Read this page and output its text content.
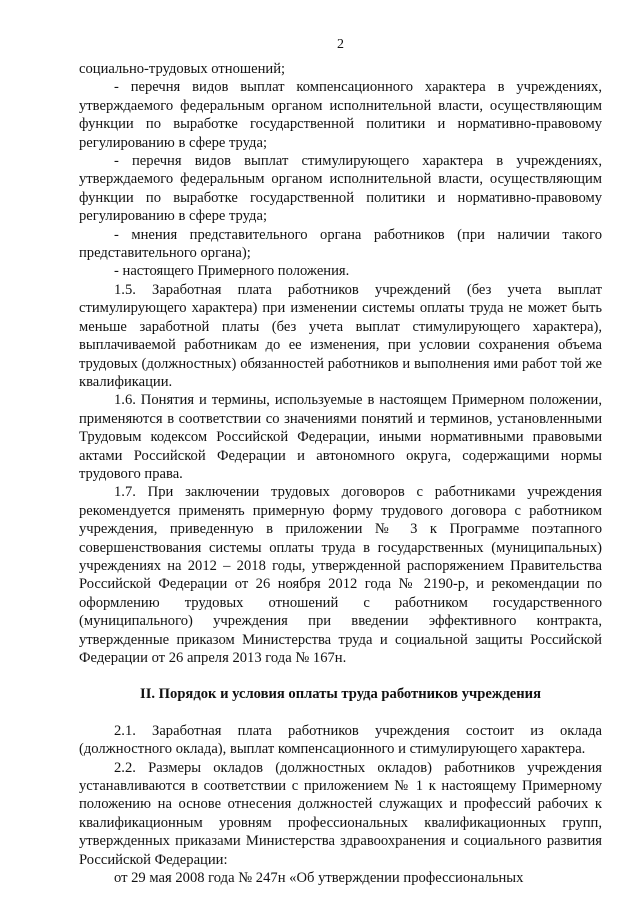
2

социально-трудовых отношений;

- перечня видов выплат компенсационного характера в учреждениях, утверждаемого федеральным органом исполнительной власти, осуществляющим функции по выработке государственной политики и нормативно-правовому регулированию в сфере труда;

- перечня видов выплат стимулирующего характера в учреждениях, утверждаемого федеральным органом исполнительной власти, осуществляющим функции по выработке государственной политики и нормативно-правовому регулированию в сфере труда;

- мнения представительного органа работников (при наличии такого представительного органа);

- настоящего Примерного положения.

1.5. Заработная плата работников учреждений (без учета выплат стимулирующего характера) при изменении системы оплаты труда не может быть меньше заработной платы (без учета выплат стимулирующего характера), выплачиваемой работникам до ее изменения, при условии сохранения объема трудовых (должностных) обязанностей работников и выполнения ими работ той же квалификации.

1.6. Понятия и термины, используемые в настоящем Примерном положении, применяются в соответствии со значениями понятий и терминов, установленными Трудовым кодексом Российской Федерации, иными нормативными правовыми актами Российской Федерации и автономного округа, содержащими нормы трудового права.

1.7. При заключении трудовых договоров с работниками учреждения рекомендуется применять примерную форму трудового договора с работником учреждения, приведенную в приложении № 3 к Программе поэтапного совершенствования системы оплаты труда в государственных (муниципальных) учреждениях на 2012 – 2018 годы, утвержденной распоряжением Правительства Российской Федерации от 26 ноября 2012 года № 2190-р, и рекомендации по оформлению трудовых отношений с работником государственного (муниципального) учреждения при введении эффективного контракта, утвержденные приказом Министерства труда и социальной защиты Российской Федерации от 26 апреля 2013 года № 167н.

II. Порядок и условия оплаты труда работников учреждения

2.1. Заработная плата работников учреждения состоит из оклада (должностного оклада), выплат компенсационного и стимулирующего характера.

2.2. Размеры окладов (должностных окладов) работников учреждения устанавливаются в соответствии с приложением № 1 к настоящему Примерному положению на основе отнесения должностей служащих и профессий рабочих к квалификационным уровням профессиональных квалификационных групп, утвержденных приказами Министерства здравоохранения и социального развития Российской Федерации:

от 29 мая 2008 года № 247н «Об утверждении профессиональных
